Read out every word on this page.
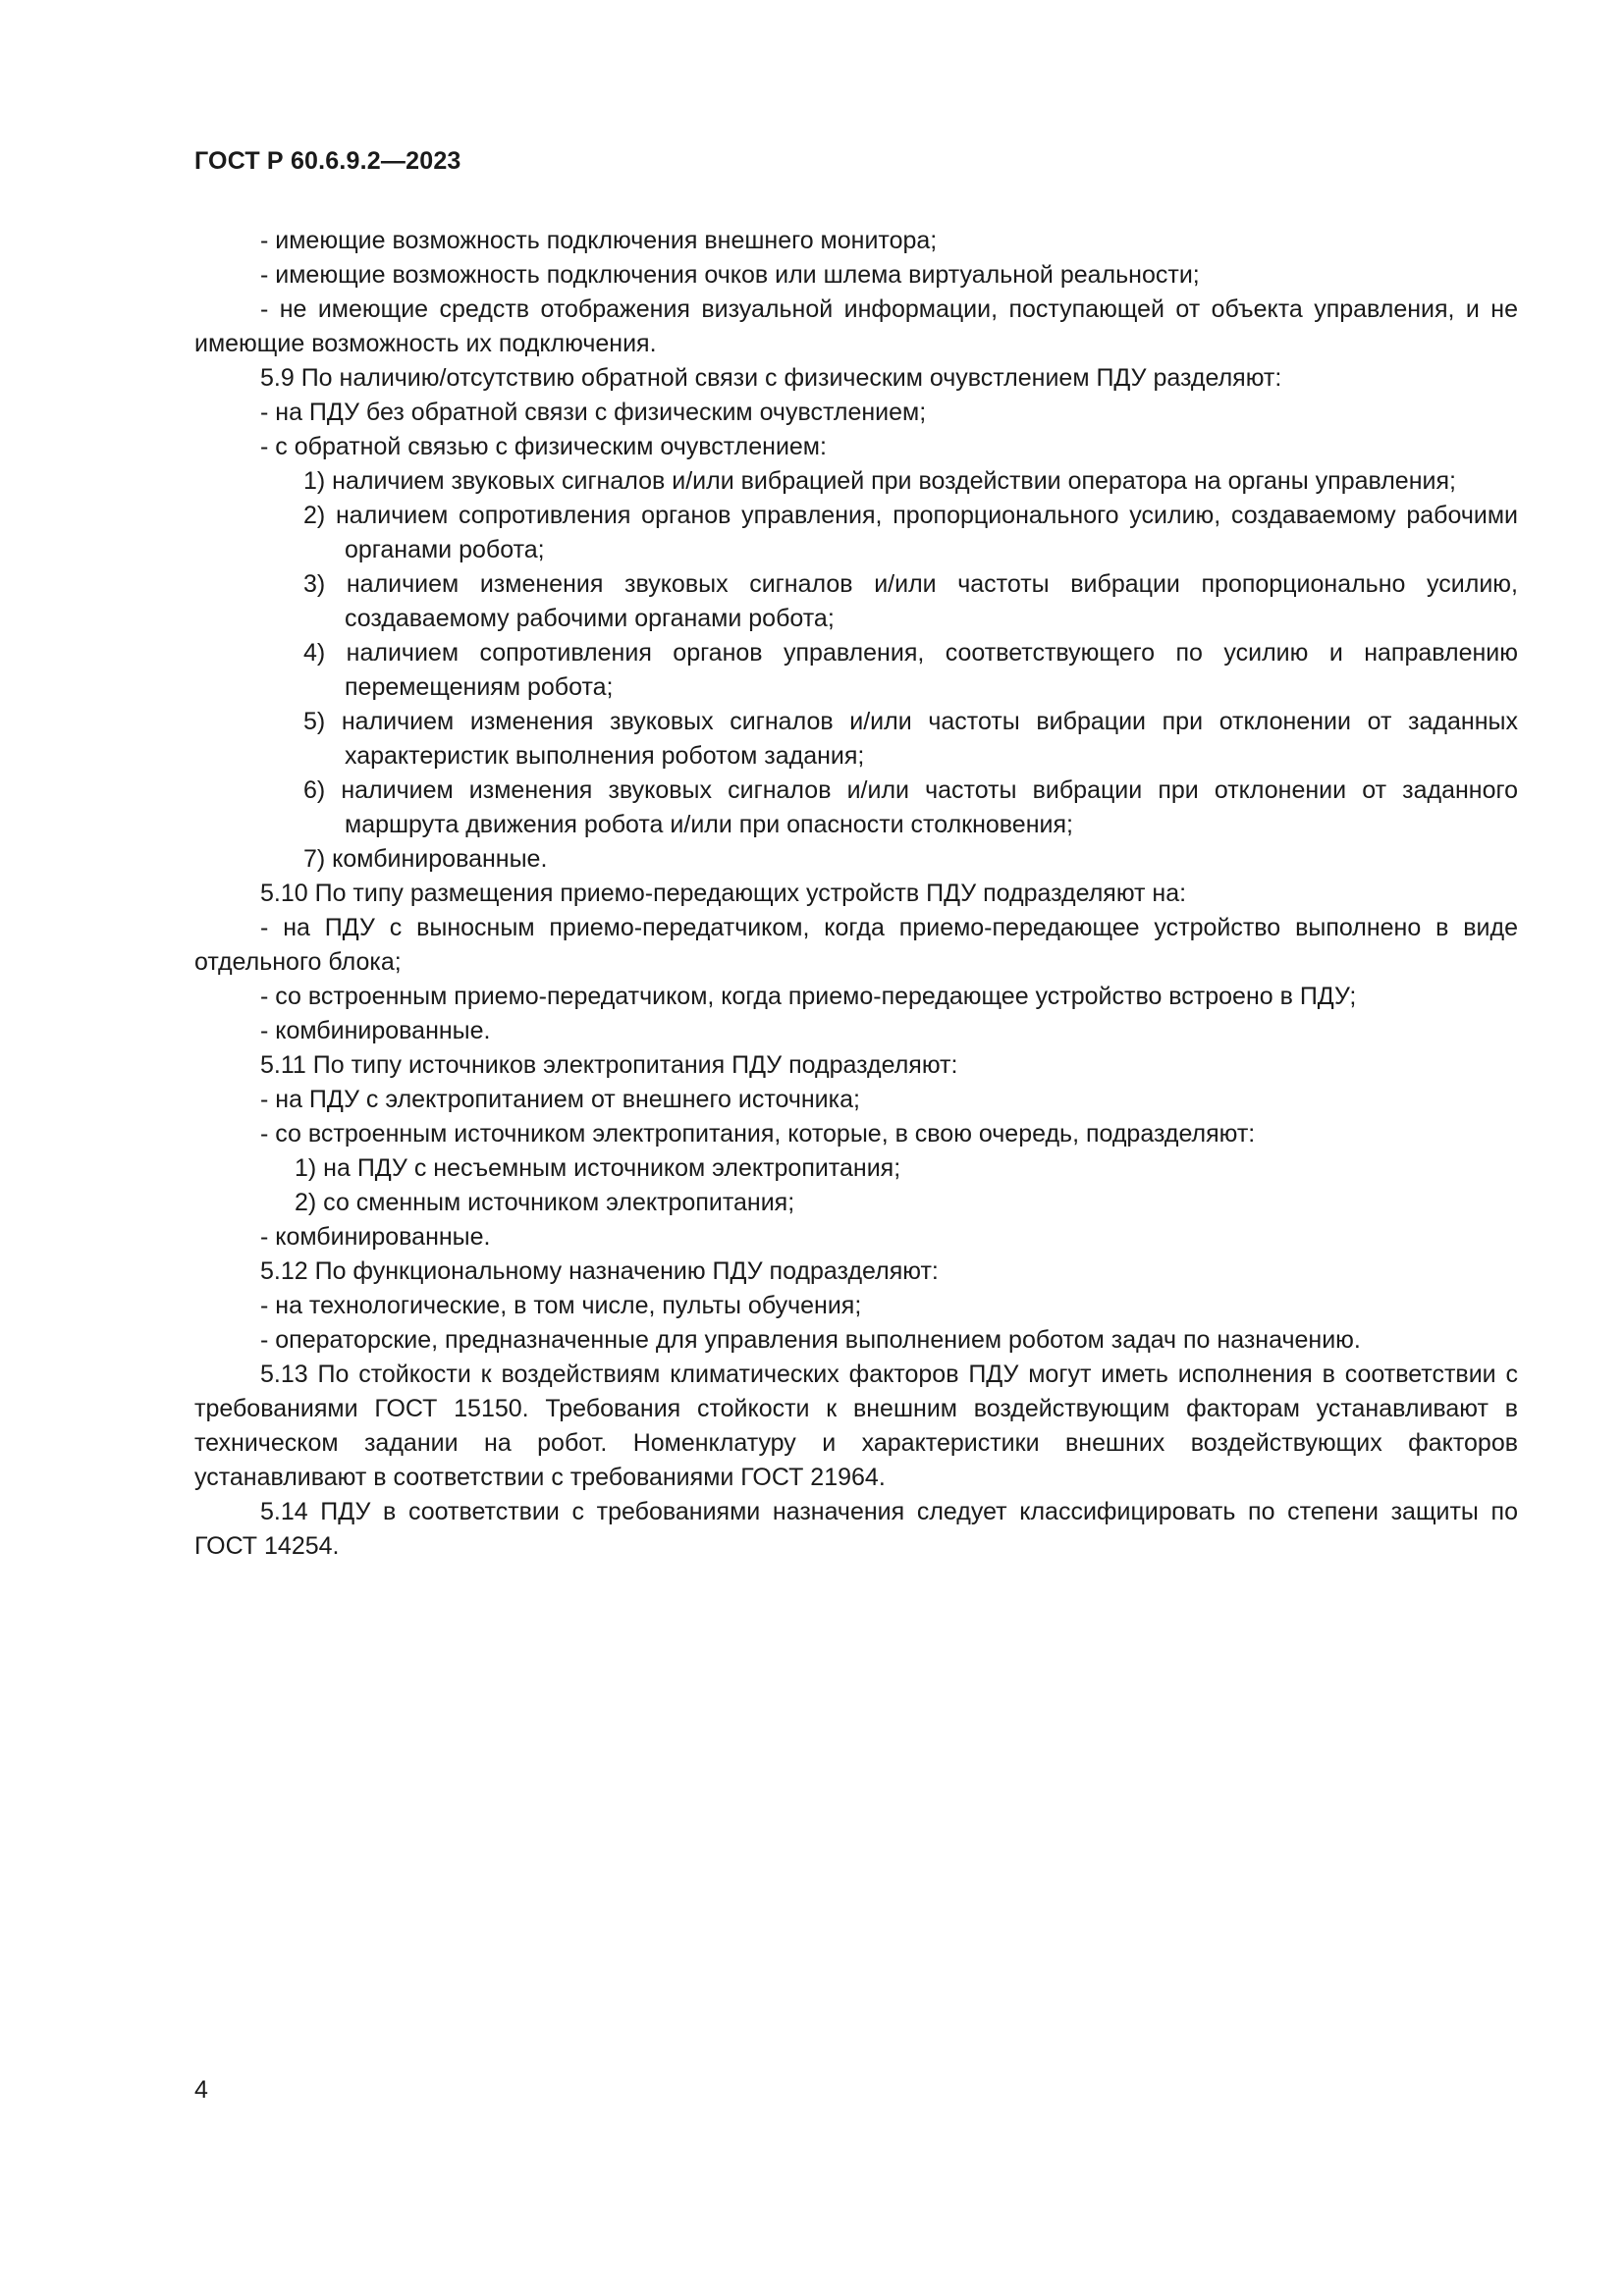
ГОСТ Р 60.6.9.2—2023

- имеющие возможность подключения внешнего монитора;

- имеющие возможность подключения очков или шлема виртуальной реальности;

- не имеющие средств отображения визуальной информации, поступающей от объекта управления, и не имеющие возможность их подключения.

5.9 По наличию/отсутствию обратной связи с физическим очувстлением ПДУ разделяют:

- на ПДУ без обратной связи с физическим очувстлением;

- с обратной связью с физическим очувстлением:

1) наличием звуковых сигналов и/или вибрацией при воздействии оператора на органы управления;

2) наличием сопротивления органов управления, пропорционального усилию, создаваемому рабочими органами робота;

3) наличием изменения звуковых сигналов и/или частоты вибрации пропорционально усилию, создаваемому рабочими органами робота;

4) наличием сопротивления органов управления, соответствующего по усилию и направлению перемещениям робота;

5) наличием изменения звуковых сигналов и/или частоты вибрации при отклонении от заданных характеристик выполнения роботом задания;

6) наличием изменения звуковых сигналов и/или частоты вибрации при отклонении от заданного маршрута движения робота и/или при опасности столкновения;

7) комбинированные.

5.10 По типу размещения приемо-передающих устройств ПДУ подразделяют на:

- на ПДУ с выносным приемо-передатчиком, когда приемо-передающее устройство выполнено в виде отдельного блока;

- со встроенным приемо-передатчиком, когда приемо-передающее устройство встроено в ПДУ;

- комбинированные.

5.11 По типу источников электропитания ПДУ подразделяют:

- на ПДУ с электропитанием от внешнего источника;

- со встроенным источником электропитания, которые, в свою очередь, подразделяют:

1) на ПДУ с несъемным источником электропитания;

2) со сменным источником электропитания;

- комбинированные.

5.12 По функциональному назначению ПДУ подразделяют:

- на технологические, в том числе, пульты обучения;

- операторские, предназначенные для управления выполнением роботом задач по назначению.

5.13 По стойкости к воздействиям климатических факторов ПДУ могут иметь исполнения в соответствии с требованиями ГОСТ 15150. Требования стойкости к внешним воздействующим факторам устанавливают в техническом задании на робот. Номенклатуру и характеристики внешних воздействующих факторов устанавливают в соответствии с требованиями ГОСТ 21964.

5.14 ПДУ в соответствии с требованиями назначения следует классифицировать по степени защиты по ГОСТ 14254.

4
